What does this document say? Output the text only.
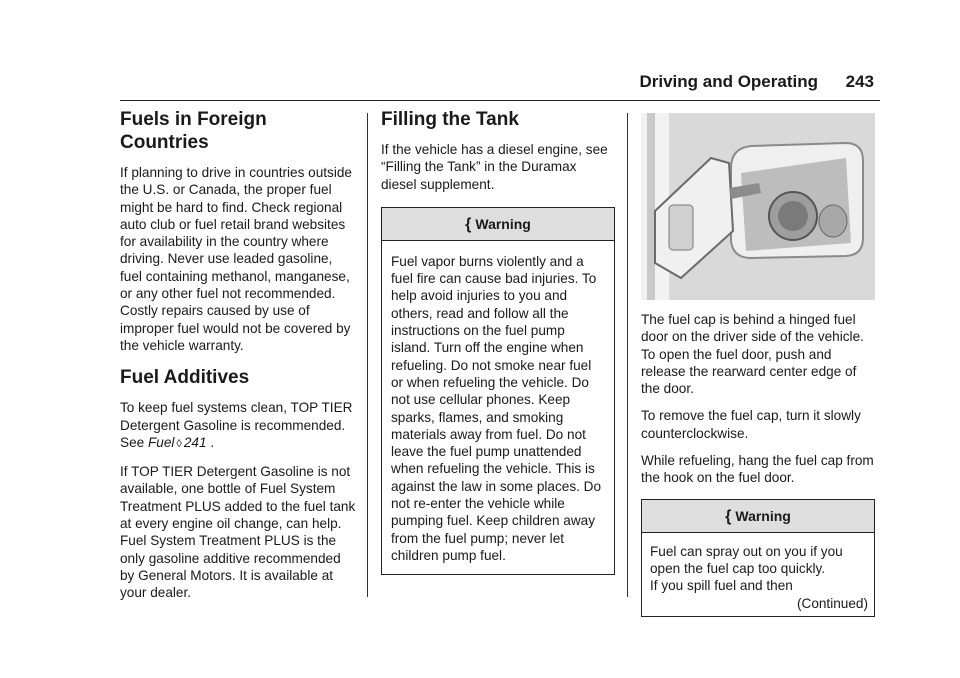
Driving and Operating 243
Fuels in Foreign Countries

If planning to drive in countries outside the U.S. or Canada, the proper fuel might be hard to find. Check regional auto club or fuel retail brand websites for availability in the country where driving. Never use leaded gasoline, fuel containing methanol, manganese, or any other fuel not recommended. Costly repairs caused by use of improper fuel would not be covered by the vehicle warranty.

Fuel Additives

To keep fuel systems clean, TOP TIER Detergent Gasoline is recommended. See Fuel ◊ 241 .

If TOP TIER Detergent Gasoline is not available, one bottle of Fuel System Treatment PLUS added to the fuel tank at every engine oil change, can help. Fuel System Treatment PLUS is the only gasoline additive recommended by General Motors. It is available at your dealer.

Filling the Tank

If the vehicle has a diesel engine, see “Filling the Tank” in the Duramax diesel supplement.

{ Warning

Fuel vapor burns violently and a fuel fire can cause bad injuries. To help avoid injuries to you and others, read and follow all the instructions on the fuel pump island. Turn off the engine when refueling. Do not smoke near fuel or when refueling the vehicle. Do not use cellular phones. Keep sparks, flames, and smoking materials away from fuel. Do not leave the fuel pump unattended when refueling the vehicle. This is against the law in some places. Do not re-enter the vehicle while pumping fuel. Keep children away from the fuel pump; never let children pump fuel.

The fuel cap is behind a hinged fuel door on the driver side of the vehicle. To open the fuel door, push and release the rearward center edge of the door.

To remove the fuel cap, turn it slowly counterclockwise.

While refueling, hang the fuel cap from the hook on the fuel door.

{ Warning

Fuel can spray out on you if you

open the fuel cap too quickly.

If you spill fuel and then

(Continued)
